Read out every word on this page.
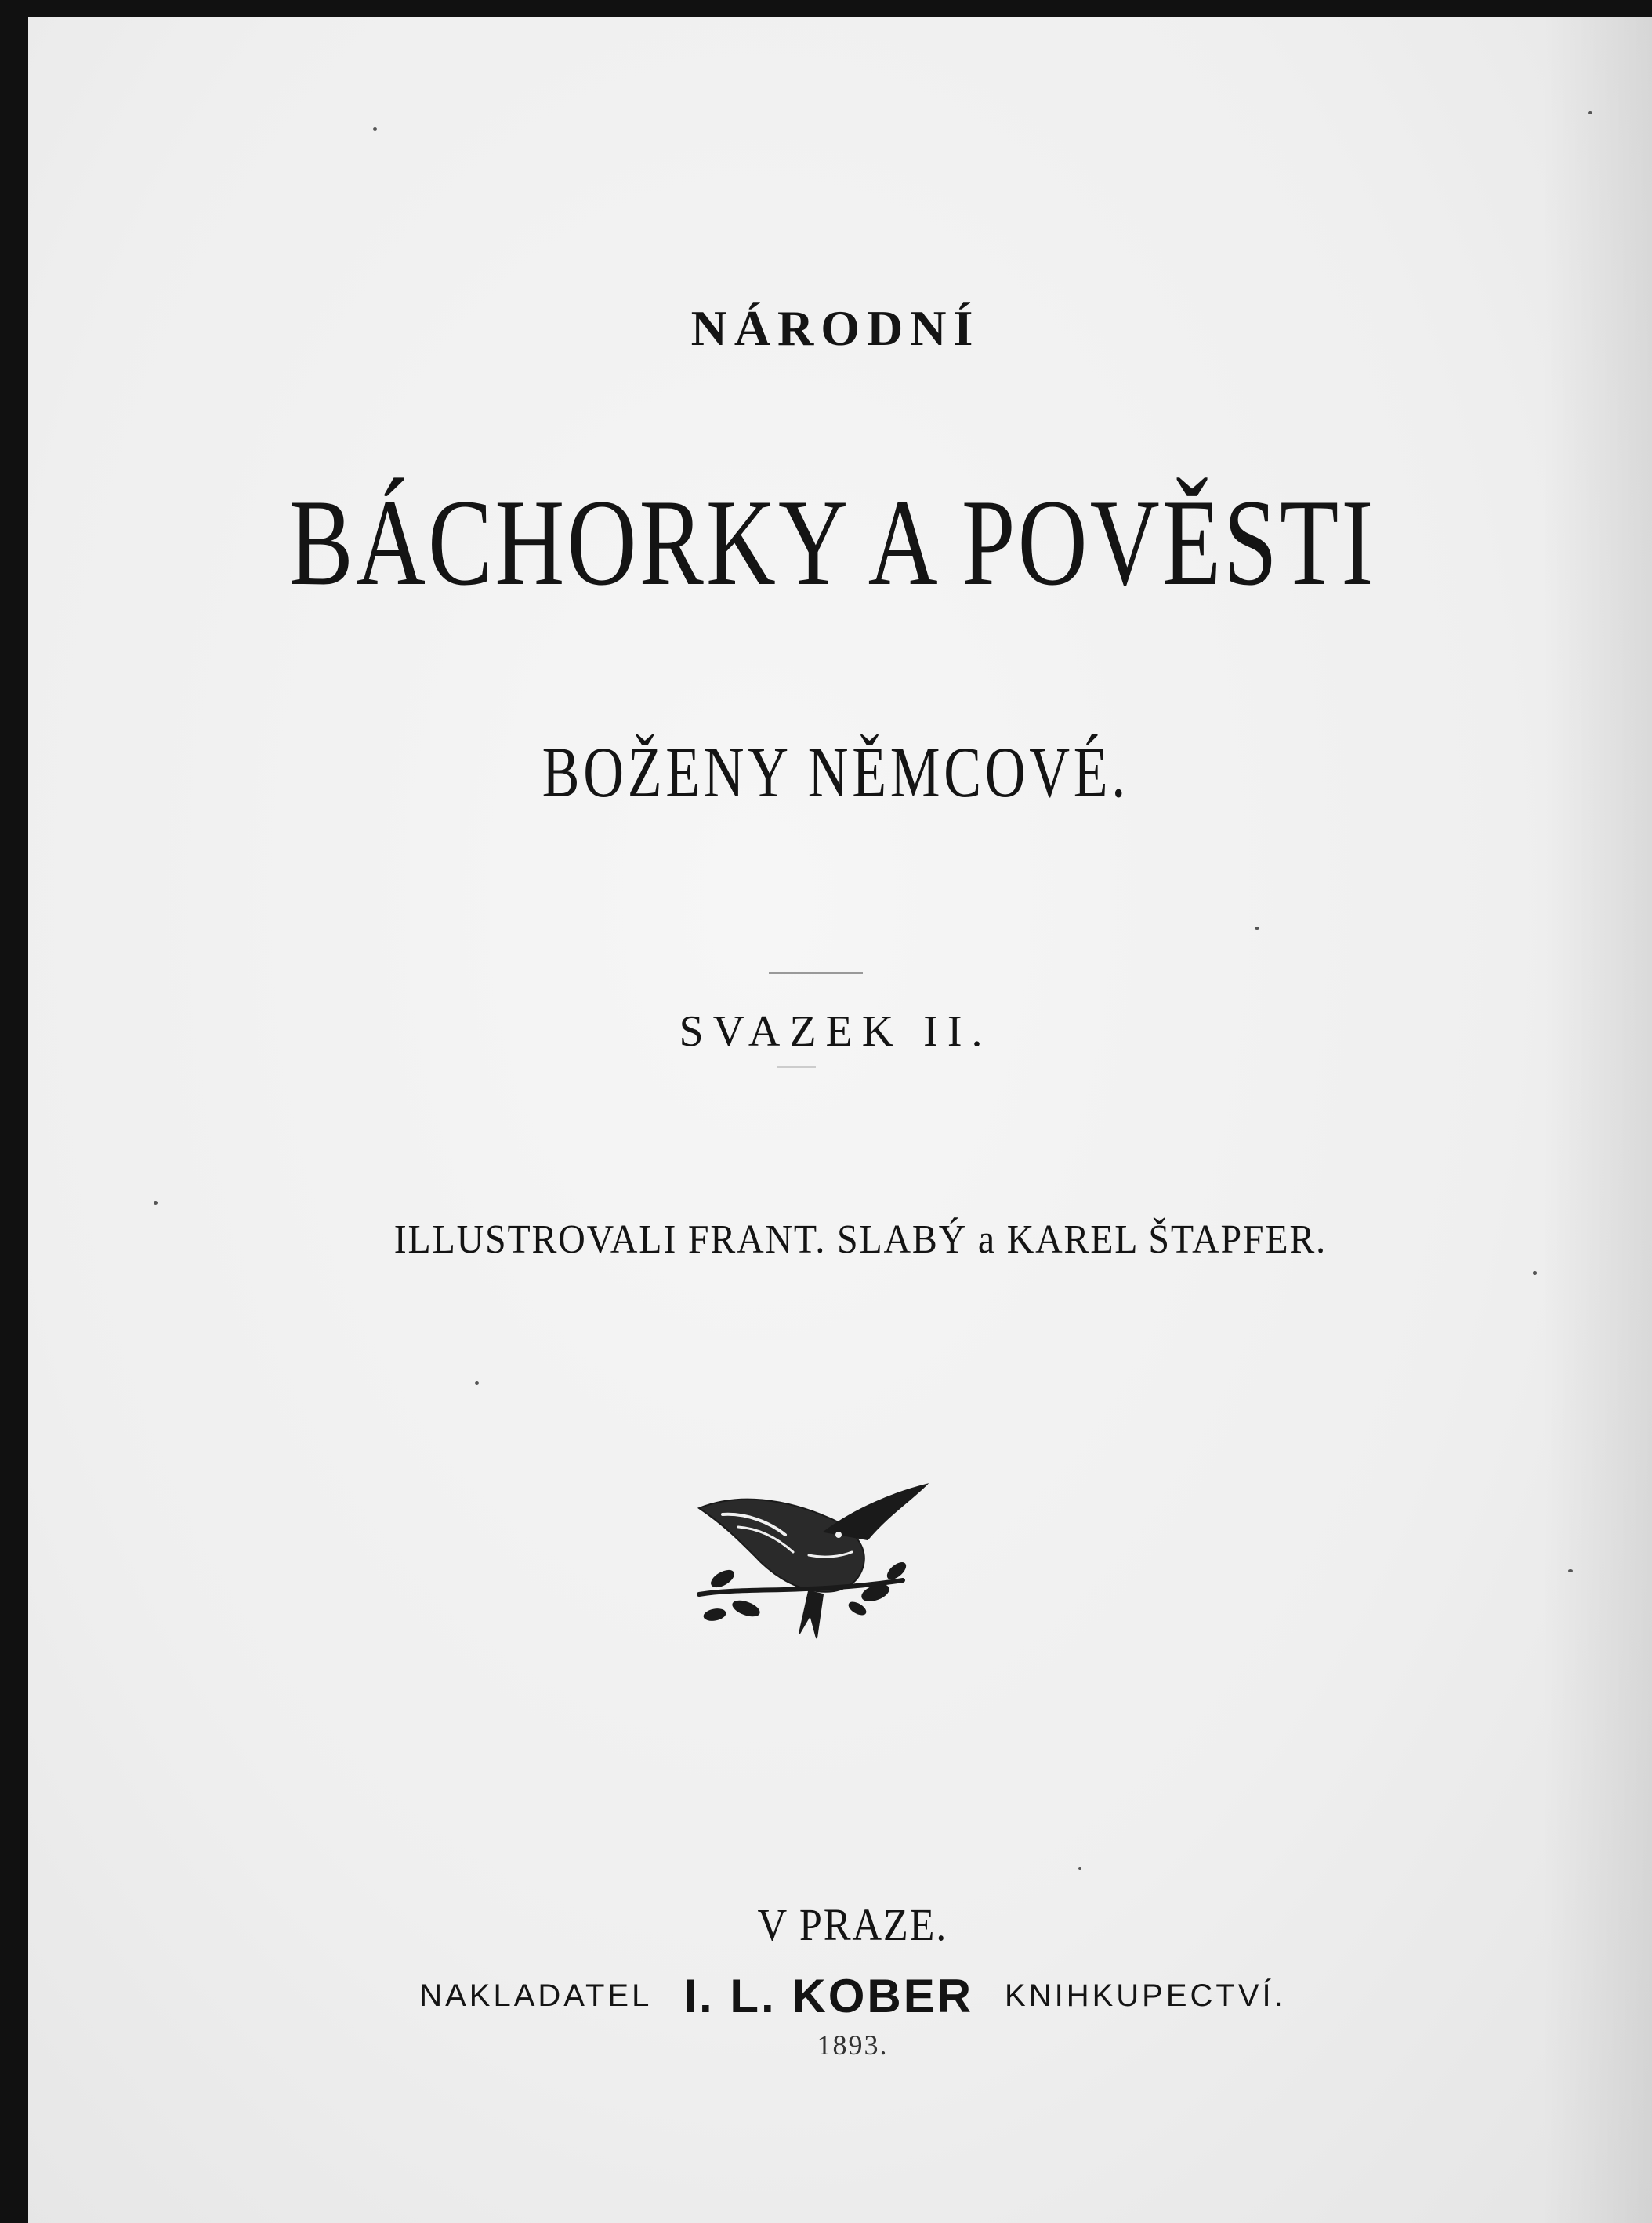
NÁRODNÍ
BÁCHORKY A POVĚSTI
BOŽENY NĚMCOVÉ.
SVAZEK II.
ILLUSTROVALI FRANT. SLABÝ a KAREL ŠTAPFER.
V PRAZE.
NAKLADATEL I. L. KOBER KNIHKUPECTVÍ.
1893.
